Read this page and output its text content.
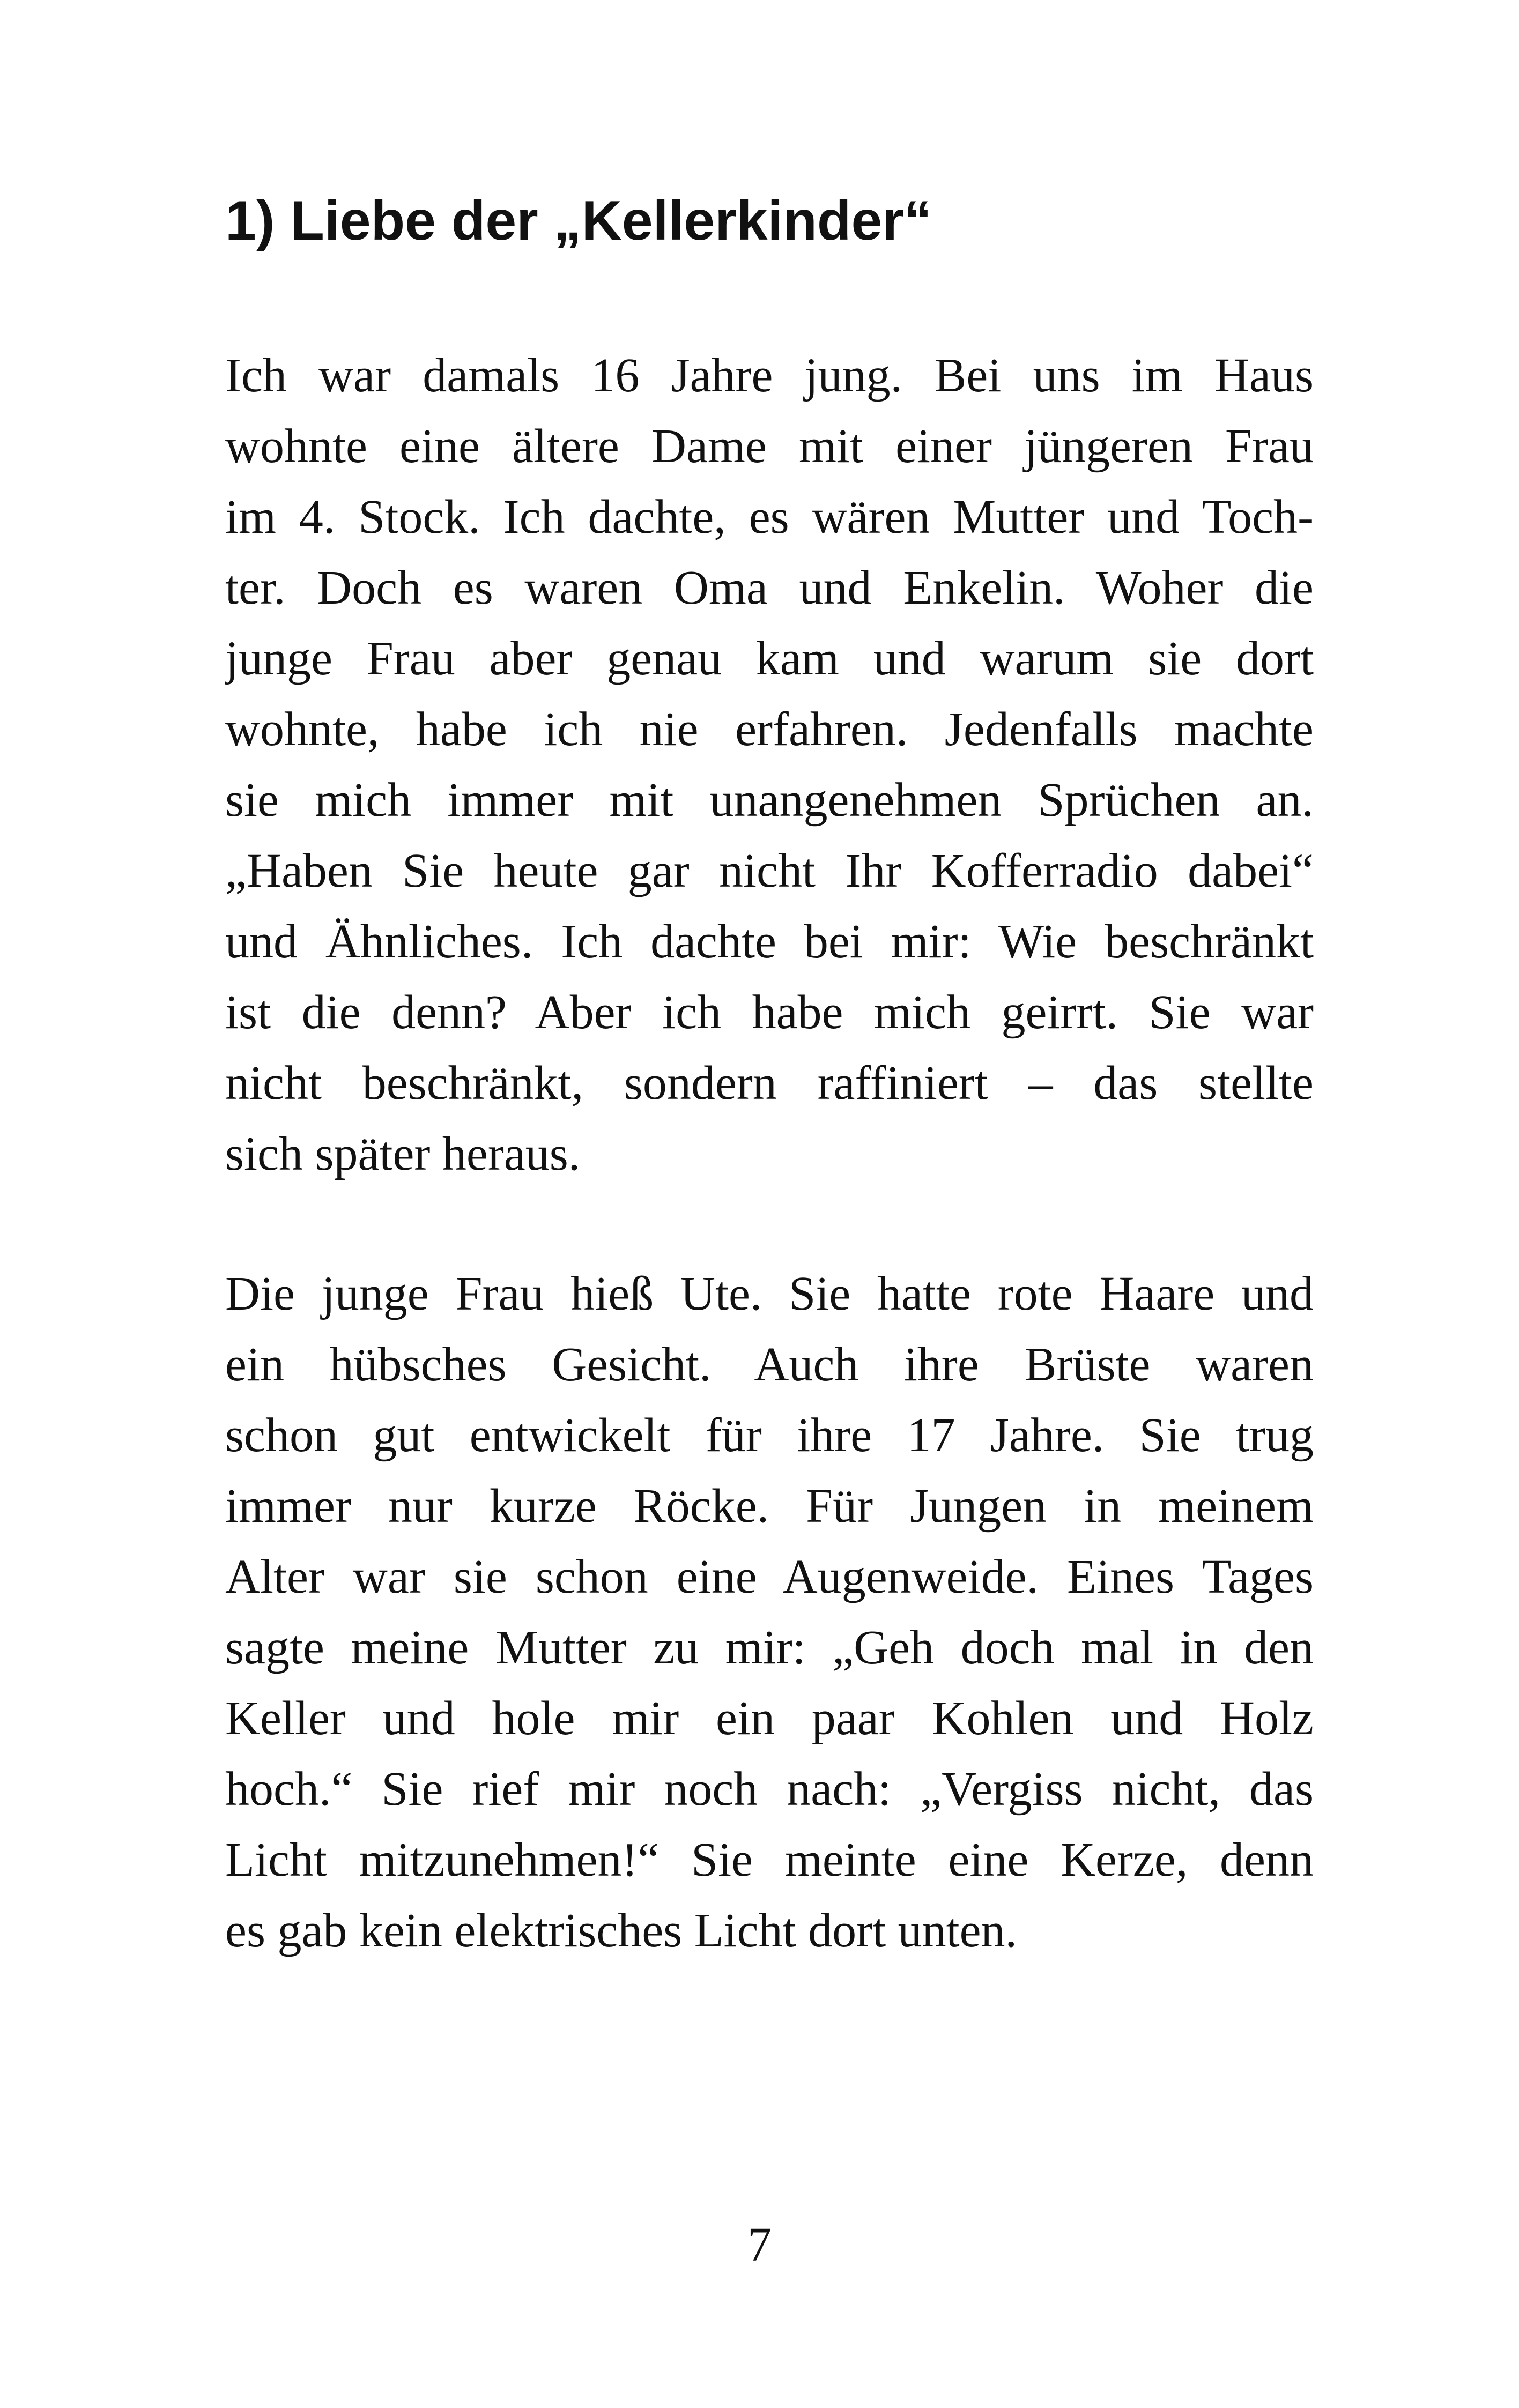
1) Liebe der „Kellerkinder“
Ich war damals 16 Jahre jung. Bei uns im Haus
wohnte eine ältere Dame mit einer jüngeren Frau
im 4. Stock. Ich dachte, es wären Mutter und Toch-
ter. Doch es waren Oma und Enkelin. Woher die
junge Frau aber genau kam und warum sie dort
wohnte, habe ich nie erfahren. Jedenfalls machte
sie mich immer mit unangenehmen Sprüchen an.
„Haben Sie heute gar nicht Ihr Kofferradio dabei“
und Ähnliches. Ich dachte bei mir: Wie beschränkt
ist die denn? Aber ich habe mich geirrt. Sie war
nicht beschränkt, sondern raffiniert – das stellte
sich später heraus.
Die junge Frau hieß Ute. Sie hatte rote Haare und
ein hübsches Gesicht. Auch ihre Brüste waren
schon gut entwickelt für ihre 17 Jahre. Sie trug
immer nur kurze Röcke. Für Jungen in meinem
Alter war sie schon eine Augenweide. Eines Tages
sagte meine Mutter zu mir: „Geh doch mal in den
Keller und hole mir ein paar Kohlen und Holz
hoch.“ Sie rief mir noch nach: „Vergiss nicht, das
Licht mitzunehmen!“ Sie meinte eine Kerze, denn
es gab kein elektrisches Licht dort unten.
7
